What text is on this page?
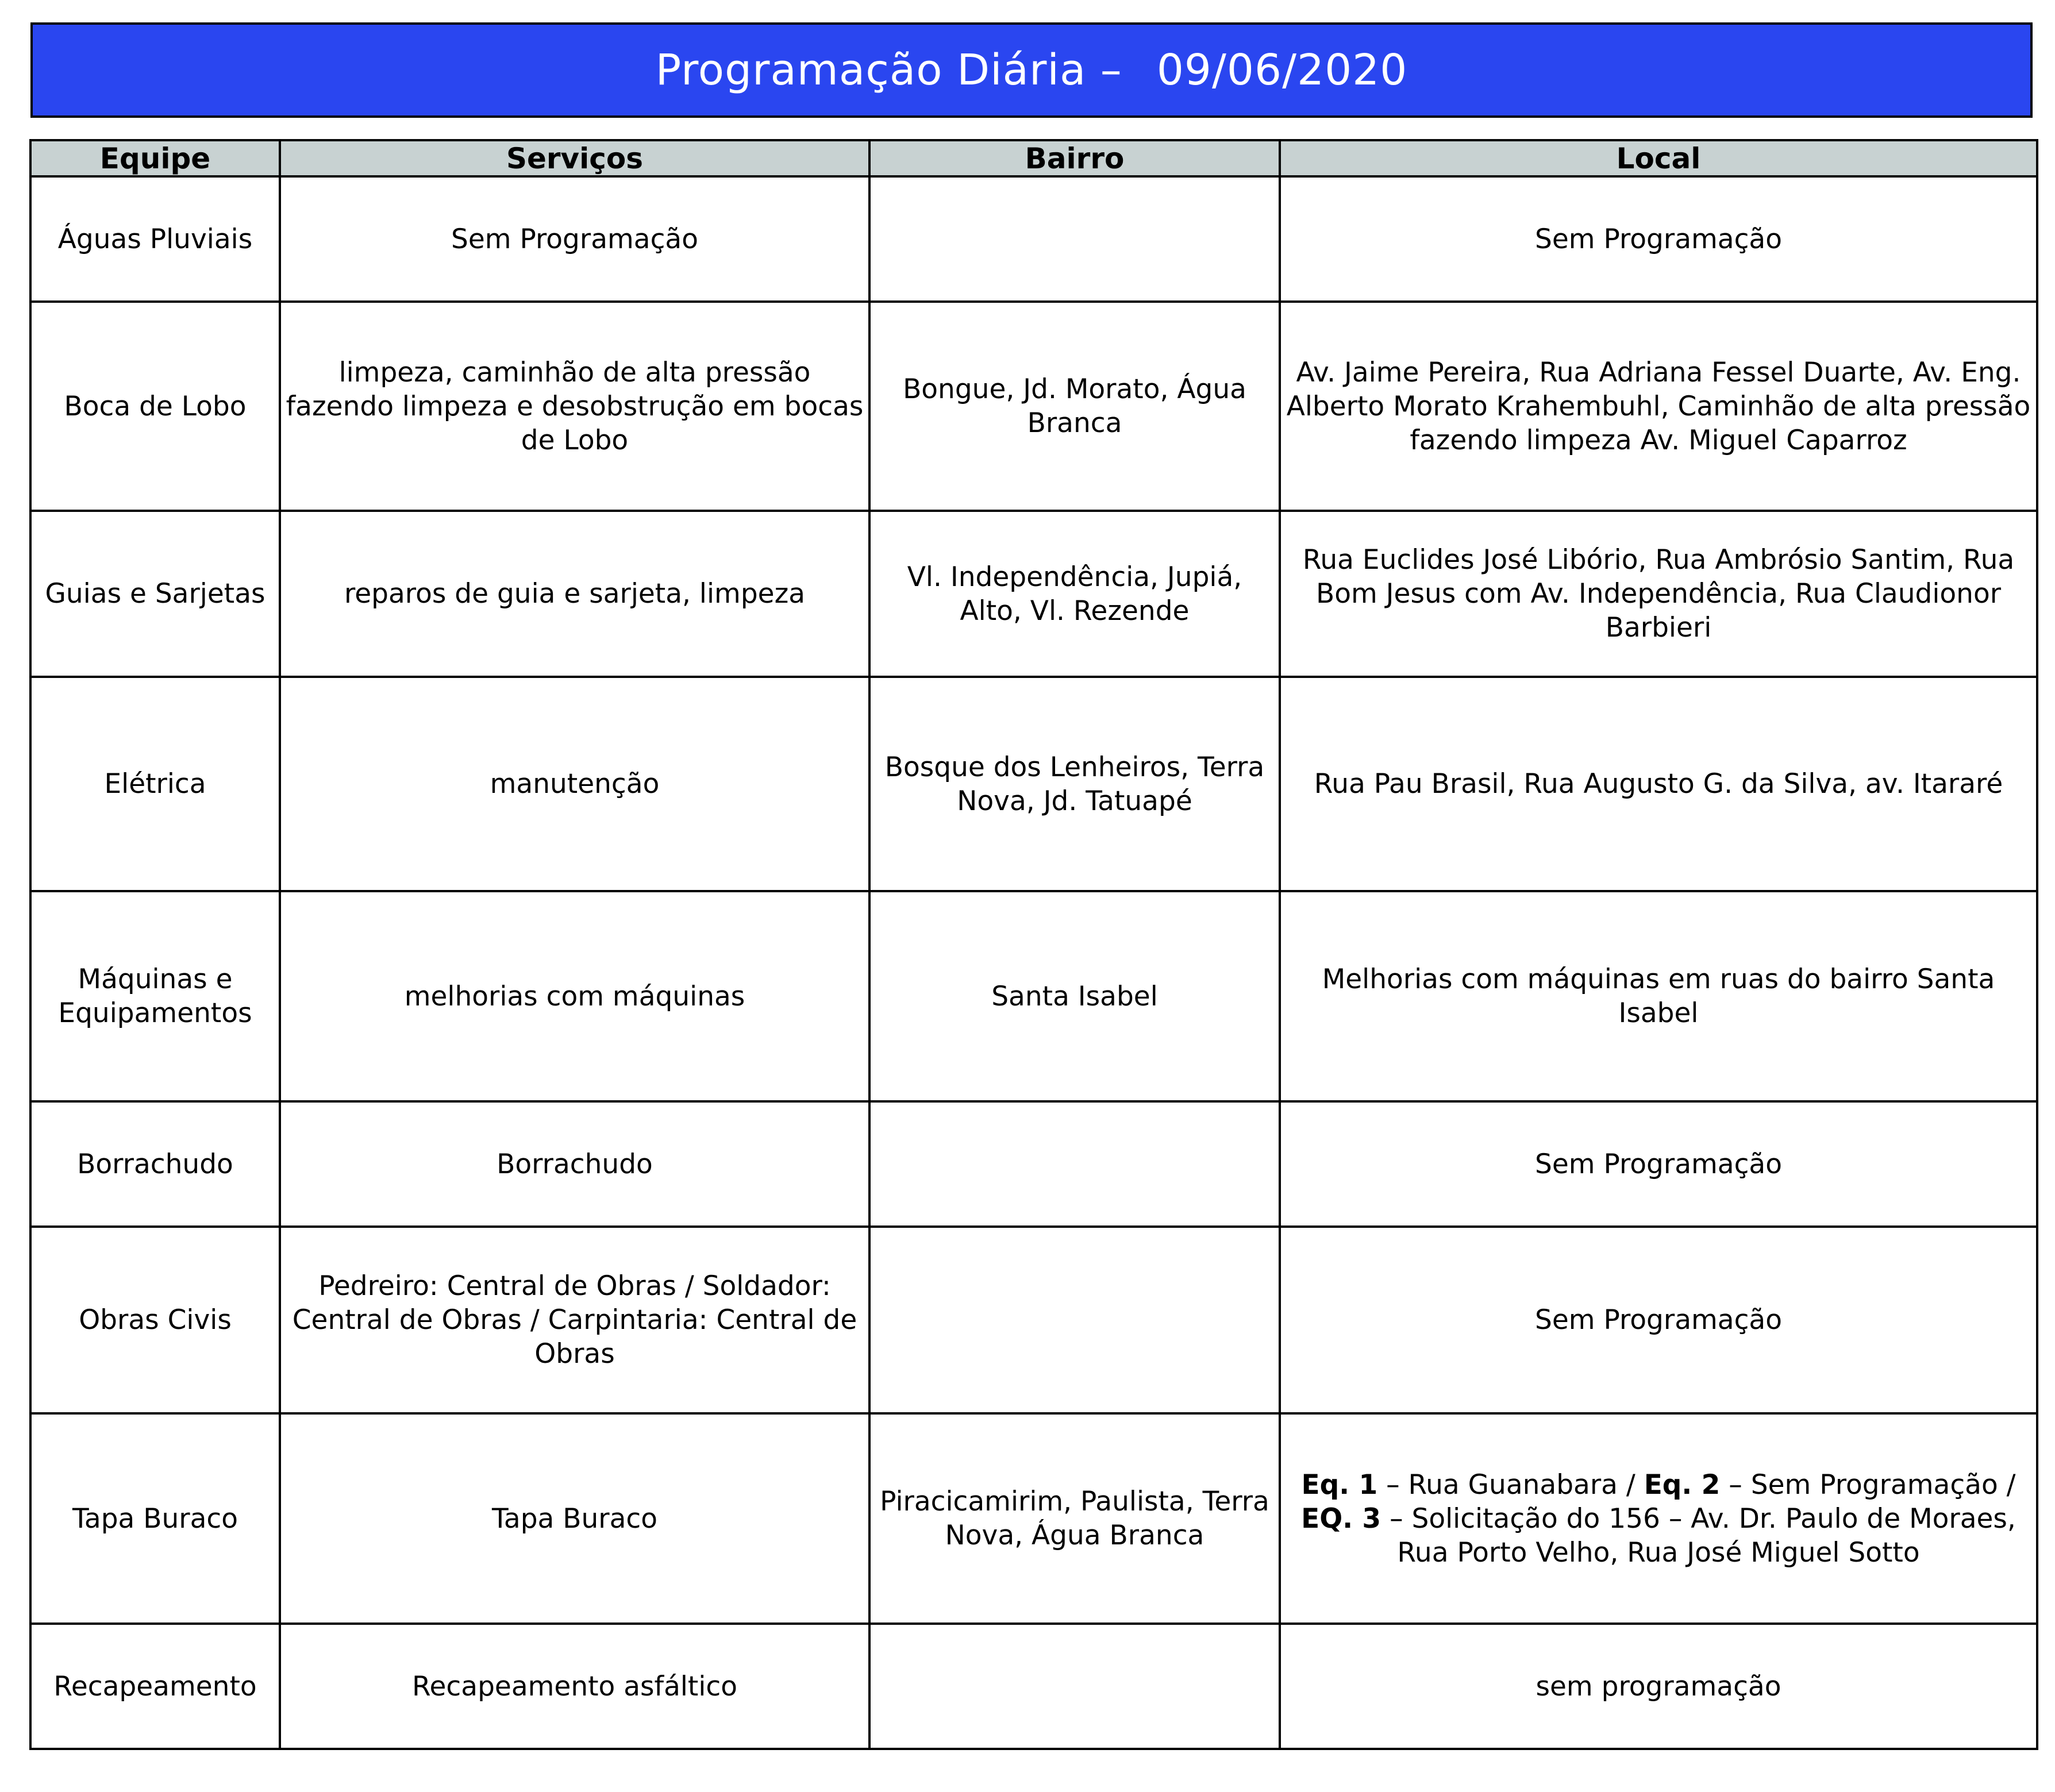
Programação Diária – 09/06/2020
Equipe	Serviços	Bairro	Local
Águas Pluviais	Sem Programação		Sem Programação
Boca de Lobo	limpeza, caminhão de alta pressão fazendo limpeza e desobstrução em bocas de Lobo	Bongue, Jd. Morato, Água Branca	Av. Jaime Pereira, Rua Adriana Fessel Duarte, Av. Eng. Alberto Morato Krahembuhl, Caminhão de alta pressão fazendo limpeza Av. Miguel Caparroz
Guias e Sarjetas	reparos de guia e sarjeta, limpeza	Vl. Independência, Jupiá, Alto, Vl. Rezende	Rua Euclides José Libório, Rua Ambrósio Santim, Rua Bom Jesus com Av. Independência, Rua Claudionor Barbieri
Elétrica	manutenção	Bosque dos Lenheiros, Terra Nova, Jd. Tatuapé	Rua Pau Brasil, Rua Augusto G. da Silva, av. Itararé
Máquinas e Equipamentos	melhorias com máquinas	Santa Isabel	Melhorias com máquinas em ruas do bairro Santa Isabel
Borrachudo	Borrachudo		Sem Programação
Obras Civis	Pedreiro: Central de Obras / Soldador: Central de Obras / Carpintaria: Central de Obras		Sem Programação
Tapa Buraco	Tapa Buraco	Piracicamirim, Paulista, Terra Nova, Água Branca	Eq. 1 – Rua Guanabara / Eq. 2 – Sem Programação / EQ. 3 – Solicitação do 156 – Av. Dr. Paulo de Moraes, Rua Porto Velho, Rua José Miguel Sotto
Recapeamento	Recapeamento asfáltico		sem programação
